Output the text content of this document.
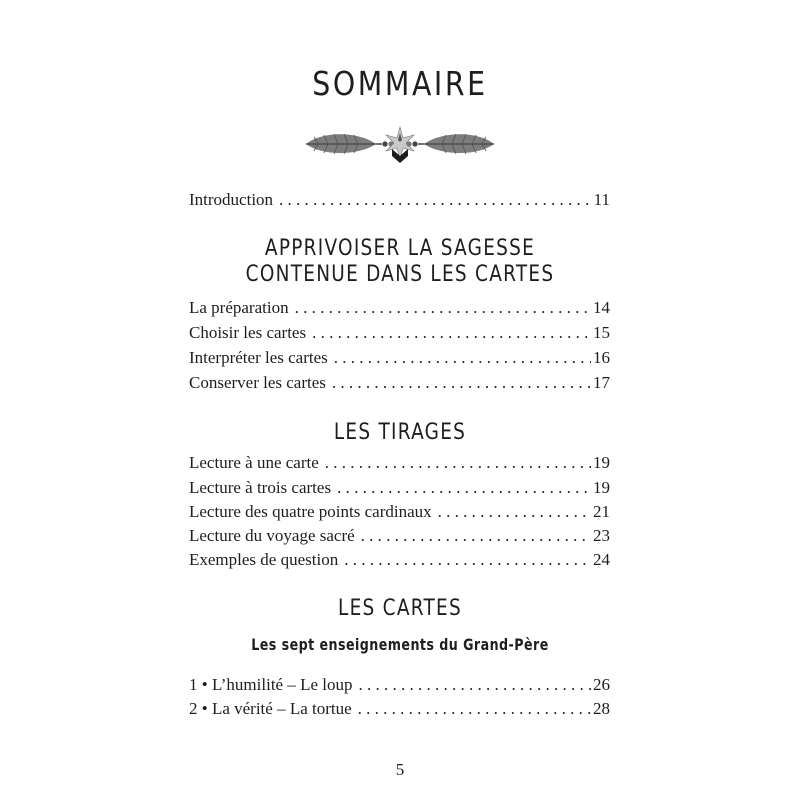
SOMMAIRE
Introduction . . .	11
APPRIVOISER LA SAGESSE
CONTENUE DANS LES CARTES
La préparation . . .	14
Choisir les cartes . . .	15
Interpréter les cartes . . .	16
Conserver les cartes . . .	17
LES TIRAGES
Lecture à une carte . . .	19
Lecture à trois cartes . . .	19
Lecture des quatre points cardinaux . . .	21
Lecture du voyage sacré . . .	23
Exemples de question . . .	24
LES CARTES
Les sept enseignements du Grand-Père
1 • L’humilité – Le loup . . .	26
2 • La vérité – La tortue . . .	28
5
